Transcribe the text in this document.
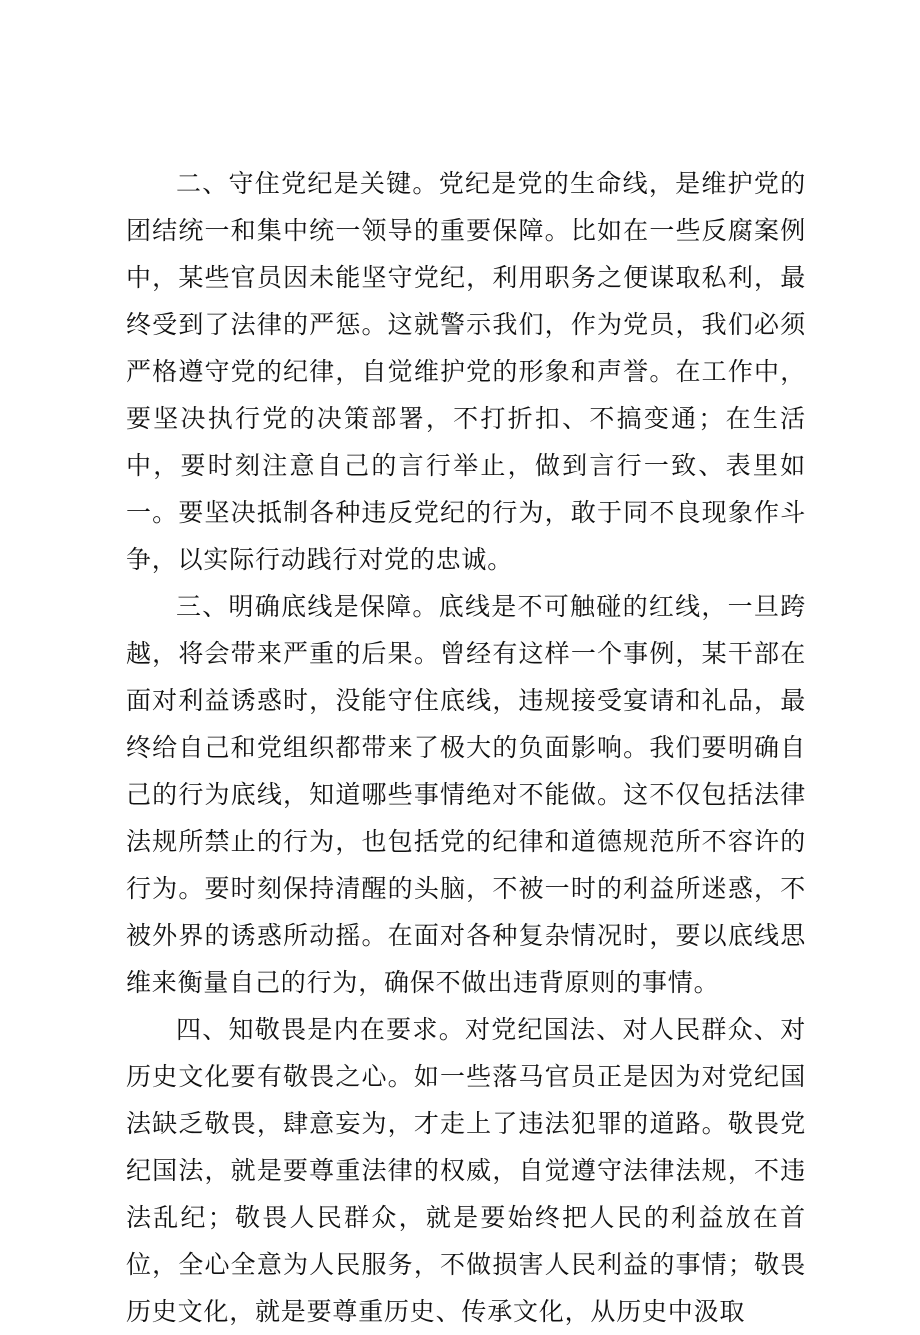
二、守住党纪是关键。党纪是党的生命线，是维护党的团结统一和集中统一领导的重要保障。比如在一些反腐案例中，某些官员因未能坚守党纪，利用职务之便谋取私利，最终受到了法律的严惩。这就警示我们，作为党员，我们必须严格遵守党的纪律，自觉维护党的形象和声誉。在工作中，要坚决执行党的决策部署，不打折扣、不搞变通；在生活中，要时刻注意自己的言行举止，做到言行一致、表里如一。要坚决抵制各种违反党纪的行为，敢于同不良现象作斗争，以实际行动践行对党的忠诚。

三、明确底线是保障。底线是不可触碰的红线，一旦跨越，将会带来严重的后果。曾经有这样一个事例，某干部在面对利益诱惑时，没能守住底线，违规接受宴请和礼品，最终给自己和党组织都带来了极大的负面影响。我们要明确自己的行为底线，知道哪些事情绝对不能做。这不仅包括法律法规所禁止的行为，也包括党的纪律和道德规范所不容许的行为。要时刻保持清醒的头脑，不被一时的利益所迷惑，不被外界的诱惑所动摇。在面对各种复杂情况时，要以底线思维来衡量自己的行为，确保不做出违背原则的事情。

四、知敬畏是内在要求。对党纪国法、对人民群众、对历史文化要有敬畏之心。如一些落马官员正是因为对党纪国法缺乏敬畏，肆意妄为，才走上了违法犯罪的道路。敬畏党纪国法，就是要尊重法律的权威，自觉遵守法律法规，不违法乱纪；敬畏人民群众，就是要始终把人民的利益放在首位，全心全意为人民服务，不做损害人民利益的事情；敬畏历史文化，就是要尊重历史、传承文化，从历史中汲取
